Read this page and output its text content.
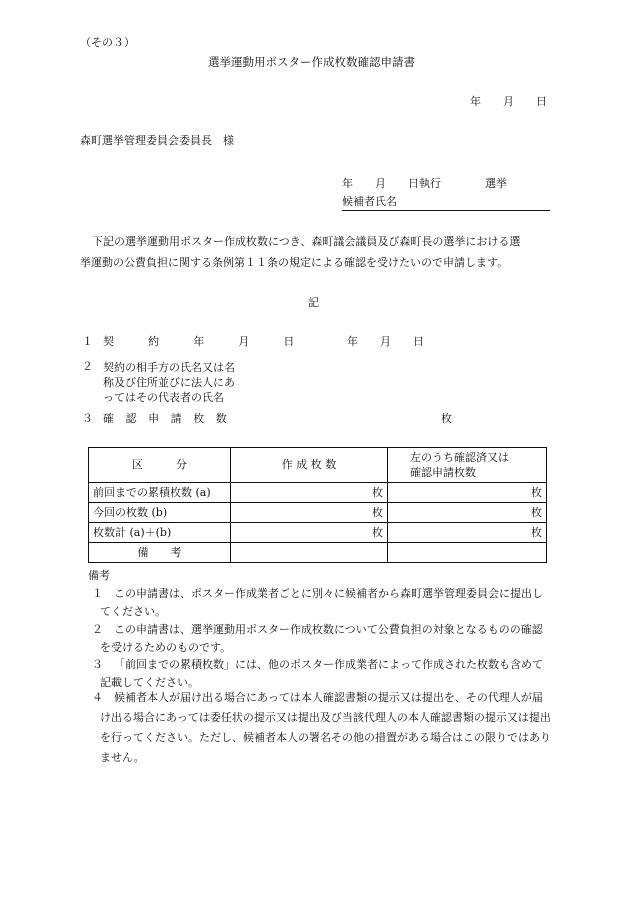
（その３）
選挙運動用ポスター作成枚数確認申請書
年　　月　　日
森町選挙管理委員会委員長　様
年　　月　　日執行　　　　選挙
候補者氏名
下記の選挙運動用ポスター作成枚数につき、森町議会議員及び森町長の選挙における選
挙運動の公費負担に関する条例第１１条の規定による確認を受けたいので申請します。
記
１ 契　約　年　月　日	年　　月　　日
２ 契約の相手方の氏名又は名
称及び住所並びに法人にあ
ってはその代表者の氏名
３ 確認申請枚数	枚
区　　　分	作 成 枚 数	左のうち確認済又は
確認申請枚数

前回までの累積枚数 (a)	枚	枚
今回の枚数 (b)	枚	枚
枚数計 (a)＋(b)	枚	枚
備　　考		
備考
１	この申請書は、ポスター作成業者ごとに別々に候補者から森町選挙管理委員会に提出してください。
２	この申請書は、選挙運動用ポスター作成枚数について公費負担の対象となるものの確認を受けるためのものです。
３	「前回までの累積枚数」には、他のポスター作成業者によって作成された枚数も含めて記載してください。
４	候補者本人が届け出る場合にあっては本人確認書類の提示又は提出を、その代理人が届け出る場合にあっては委任状の提示又は提出及び当該代理人の本人確認書類の提示又は提出を行ってください。ただし、候補者本人の署名その他の措置がある場合はこの限りではありません。
